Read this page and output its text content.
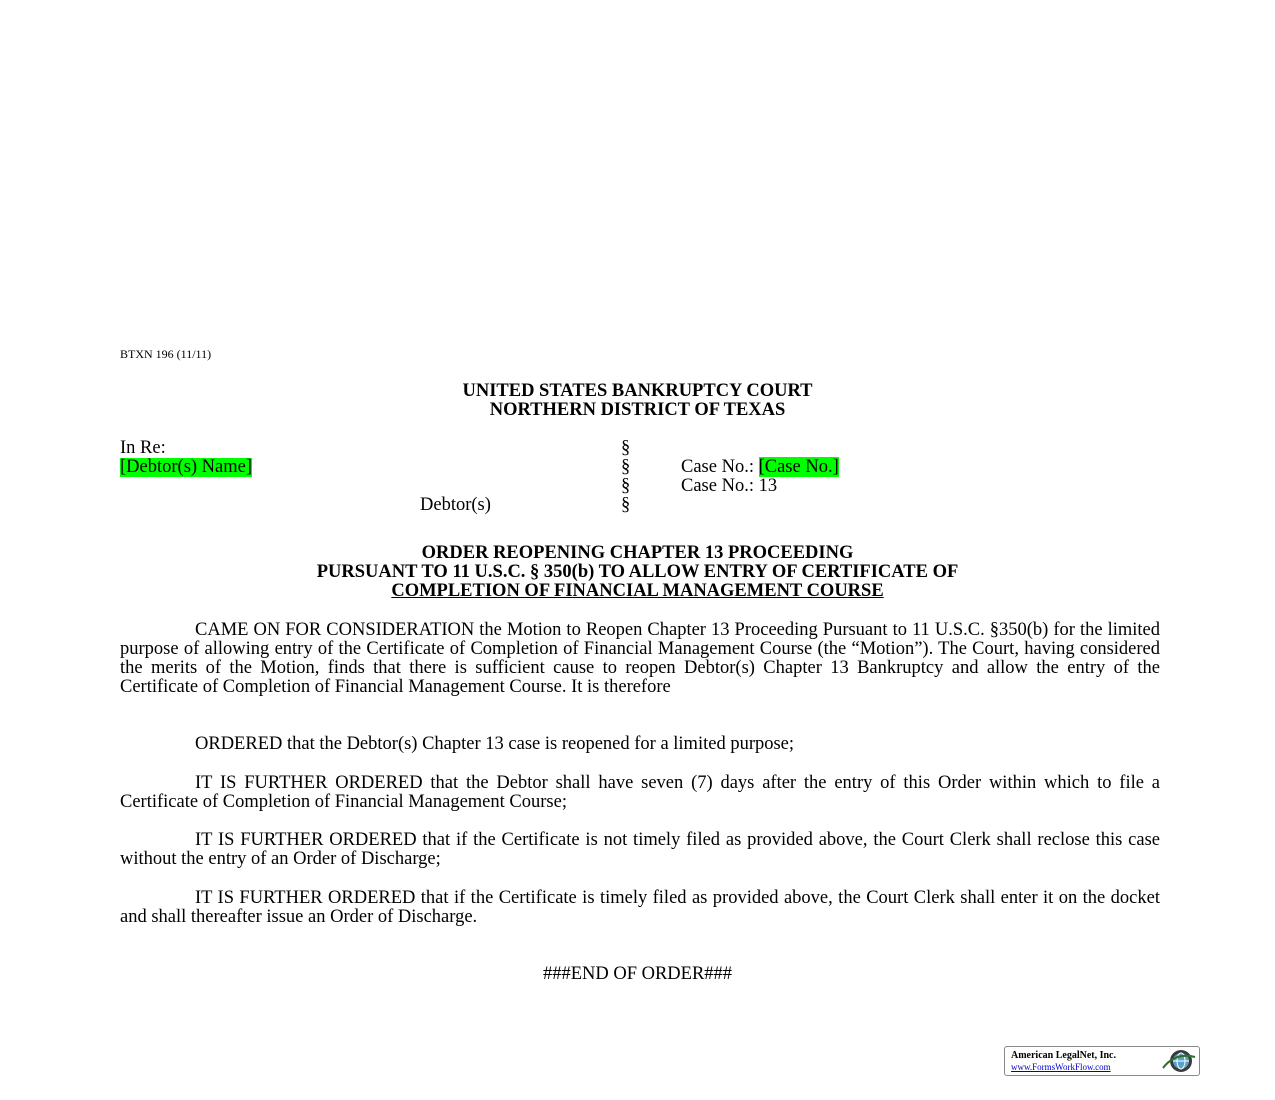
BTXN 196 (11/11)
UNITED STATES BANKRUPTCY COURT
NORTHERN DISTRICT OF TEXAS
In Re:
[Debtor(s) Name]
Debtor(s)
§
§
§
§
Case No.: [Case No.]
Case No.: 13
ORDER REOPENING CHAPTER 13 PROCEEDING
PURSUANT TO 11 U.S.C. § 350(b) TO ALLOW ENTRY OF CERTIFICATE OF
COMPLETION OF FINANCIAL MANAGEMENT COURSE
CAME ON FOR CONSIDERATION the Motion to Reopen Chapter 13 Proceeding Pursuant to 11 U.S.C. §350(b) for the limited purpose of allowing entry of the Certificate of Completion of Financial Management Course (the “Motion”). The Court, having considered the merits of the Motion, finds that there is sufficient cause to reopen Debtor(s) Chapter 13 Bankruptcy and allow the entry of the Certificate of Completion of Financial Management Course. It is therefore
ORDERED that the Debtor(s) Chapter 13 case is reopened for a limited purpose;
IT IS FURTHER ORDERED that the Debtor shall have seven (7) days after the entry of this Order within which to file a Certificate of Completion of Financial Management Course;
IT IS FURTHER ORDERED that if the Certificate is not timely filed as provided above, the Court Clerk shall reclose this case without the entry of an Order of Discharge;
IT IS FURTHER ORDERED that if the Certificate is timely filed as provided above, the Court Clerk shall enter it on the docket and shall thereafter issue an Order of Discharge.
###END OF ORDER###
American LegalNet, Inc.
www.FormsWorkFlow.com
